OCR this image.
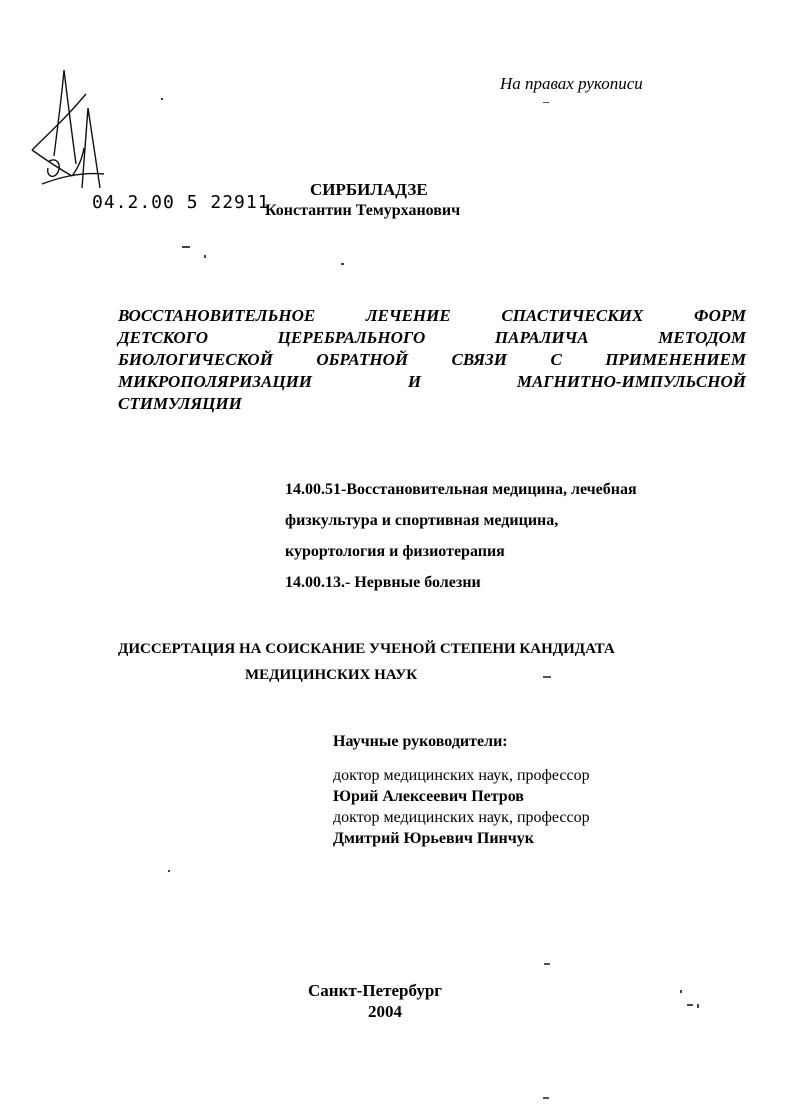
На правах рукописи
04.2.00 5 22911
СИРБИЛАДЗЕ
Константин Темурханович
ВОССТАНОВИТЕЛЬНОЕ	ЛЕЧЕНИЕ	СПАСТИЧЕСКИХ	ФОРМ
ДЕТСКОГО	ЦЕРЕБРАЛЬНОГО	ПАРАЛИЧА	МЕТОДОМ
БИОЛОГИЧЕСКОЙ	ОБРАТНОЙ	СВЯЗИ	С	ПРИМЕНЕНИЕМ
МИКРОПОЛЯРИЗАЦИИ	И	МАГНИТНО-ИМПУЛЬСНОЙ
СТИМУЛЯЦИИ
14.00.51-Восстановительная медицина, лечебная
физкультура и спортивная медицина,
курортология и физиотерапия
14.00.13.- Нервные болезни
ДИССЕРТАЦИЯ НА СОИСКАНИЕ УЧЕНОЙ СТЕПЕНИ КАНДИДАТА
МЕДИЦИНСКИХ НАУК
Научные руководители:
доктор медицинских наук, профессор
Юрий Алексеевич Петров
доктор медицинских наук, профессор
Дмитрий Юрьевич Пинчук
Санкт-Петербург
2004
